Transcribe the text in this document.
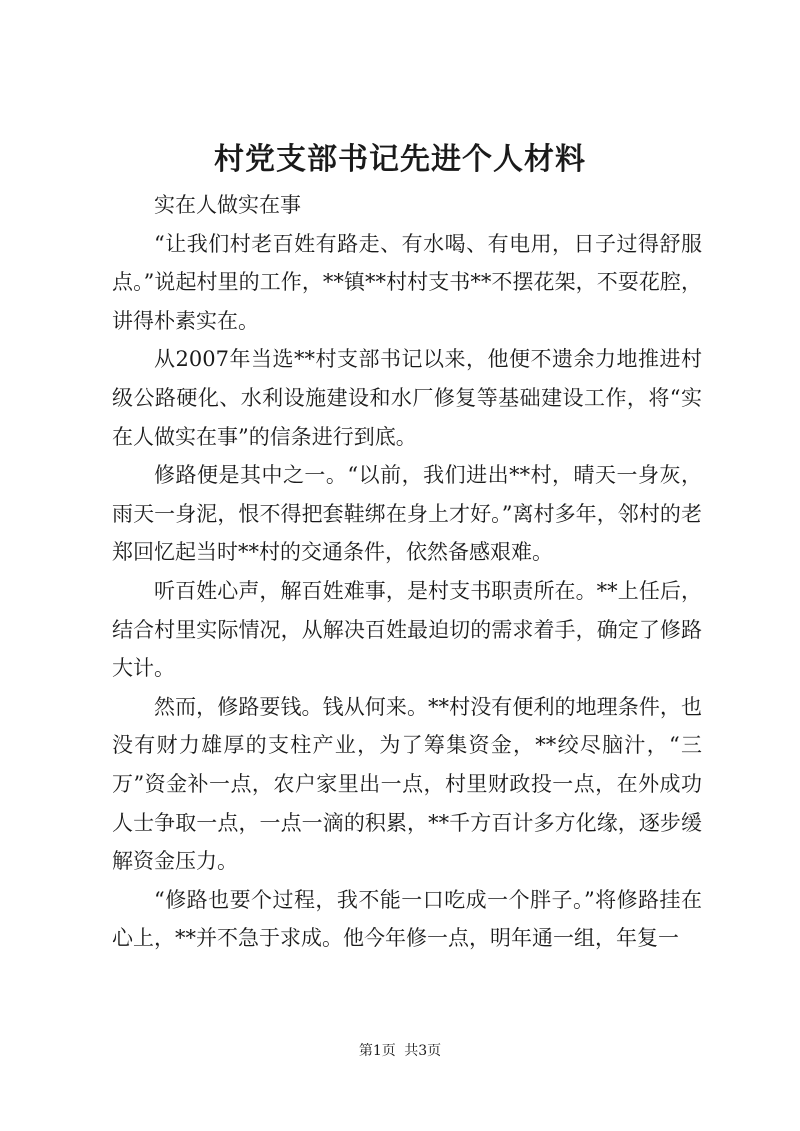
村党支部书记先进个人材料

实在人做实在事

“让我们村老百姓有路走、有水喝、有电用，日子过得舒服点。”说起村里的工作，**镇**村村支书**不摆花架，不耍花腔，讲得朴素实在。

从2007年当选**村支部书记以来，他便不遗余力地推进村级公路硬化、水利设施建设和水厂修复等基础建设工作，将“实在人做实在事”的信条进行到底。

修路便是其中之一。“以前，我们进出**村，晴天一身灰，雨天一身泥，恨不得把套鞋绑在身上才好。”离村多年，邻村的老郑回忆起当时**村的交通条件，依然备感艰难。

听百姓心声，解百姓难事，是村支书职责所在。**上任后，结合村里实际情况，从解决百姓最迫切的需求着手，确定了修路大计。

然而，修路要钱。钱从何来。**村没有便利的地理条件，也没有财力雄厚的支柱产业，为了筹集资金，**绞尽脑汁，“三万”资金补一点，农户家里出一点，村里财政投一点，在外成功人士争取一点，一点一滴的积累，**千方百计多方化缘，逐步缓解资金压力。

“修路也要个过程，我不能一口吃成一个胖子。”将修路挂在心上，**并不急于求成。他今年修一点，明年通一组，年复一

第1页 共3页
